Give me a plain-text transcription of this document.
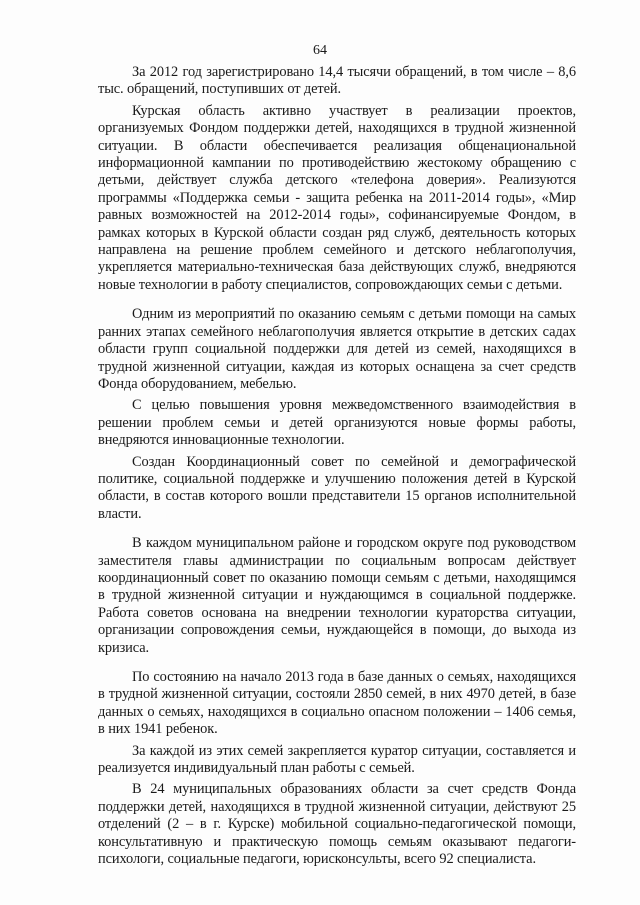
64

За 2012 год зарегистрировано 14,4 тысячи обращений, в том числе – 8,6 тыс. обращений, поступивших от детей.

Курская область активно участвует в реализации проектов, организуемых Фондом поддержки детей, находящихся в трудной жизненной ситуации. В области обеспечивается реализация общенациональной информационной кампании по противодействию жестокому обращению с детьми, действует служба детского «телефона доверия». Реализуются программы «Поддержка семьи - защита ребенка на 2011-2014 годы», «Мир равных возможностей на 2012-2014 годы», софинансируемые Фондом, в рамках которых в Курской области создан ряд служб, деятельность которых направлена на решение проблем семейного и детского неблагополучия, укрепляется материально-техническая база действующих служб, внедряются новые технологии в работу специалистов, сопровождающих семьи с детьми.

Одним из мероприятий по оказанию семьям с детьми помощи на самых ранних этапах семейного неблагополучия является открытие в детских садах области групп социальной поддержки для детей из семей, находящихся в трудной жизненной ситуации, каждая из которых оснащена за счет средств Фонда оборудованием, мебелью.

С целью повышения уровня межведомственного взаимодействия в решении проблем семьи и детей организуются новые формы работы, внедряются инновационные технологии.

Создан Координационный совет по семейной и демографической политике, социальной поддержке и улучшению положения детей в Курской области, в состав которого вошли представители 15 органов исполнительной власти.

В каждом муниципальном районе и городском округе под руководством заместителя главы администрации по социальным вопросам действует координационный совет по оказанию помощи семьям с детьми, находящимся в трудной жизненной ситуации и нуждающимся в социальной поддержке. Работа советов основана на внедрении технологии кураторства ситуации, организации сопровождения семьи, нуждающейся в помощи, до выхода из кризиса.

По состоянию на начало 2013 года в базе данных о семьях, находящихся в трудной жизненной ситуации, состояли 2850 семей, в них 4970 детей, в базе данных о семьях, находящихся в социально опасном положении – 1406 семья, в них 1941 ребенок.

За каждой из этих семей закрепляется куратор ситуации, составляется и реализуется индивидуальный план работы с семьей.

В 24 муниципальных образованиях области за счет средств Фонда поддержки детей, находящихся в трудной жизненной ситуации, действуют 25 отделений (2 – в г. Курске) мобильной социально-педагогической помощи, консультативную и практическую помощь семьям оказывают педагоги-психологи, социальные педагоги, юрисконсульты, всего 92 специалиста.
